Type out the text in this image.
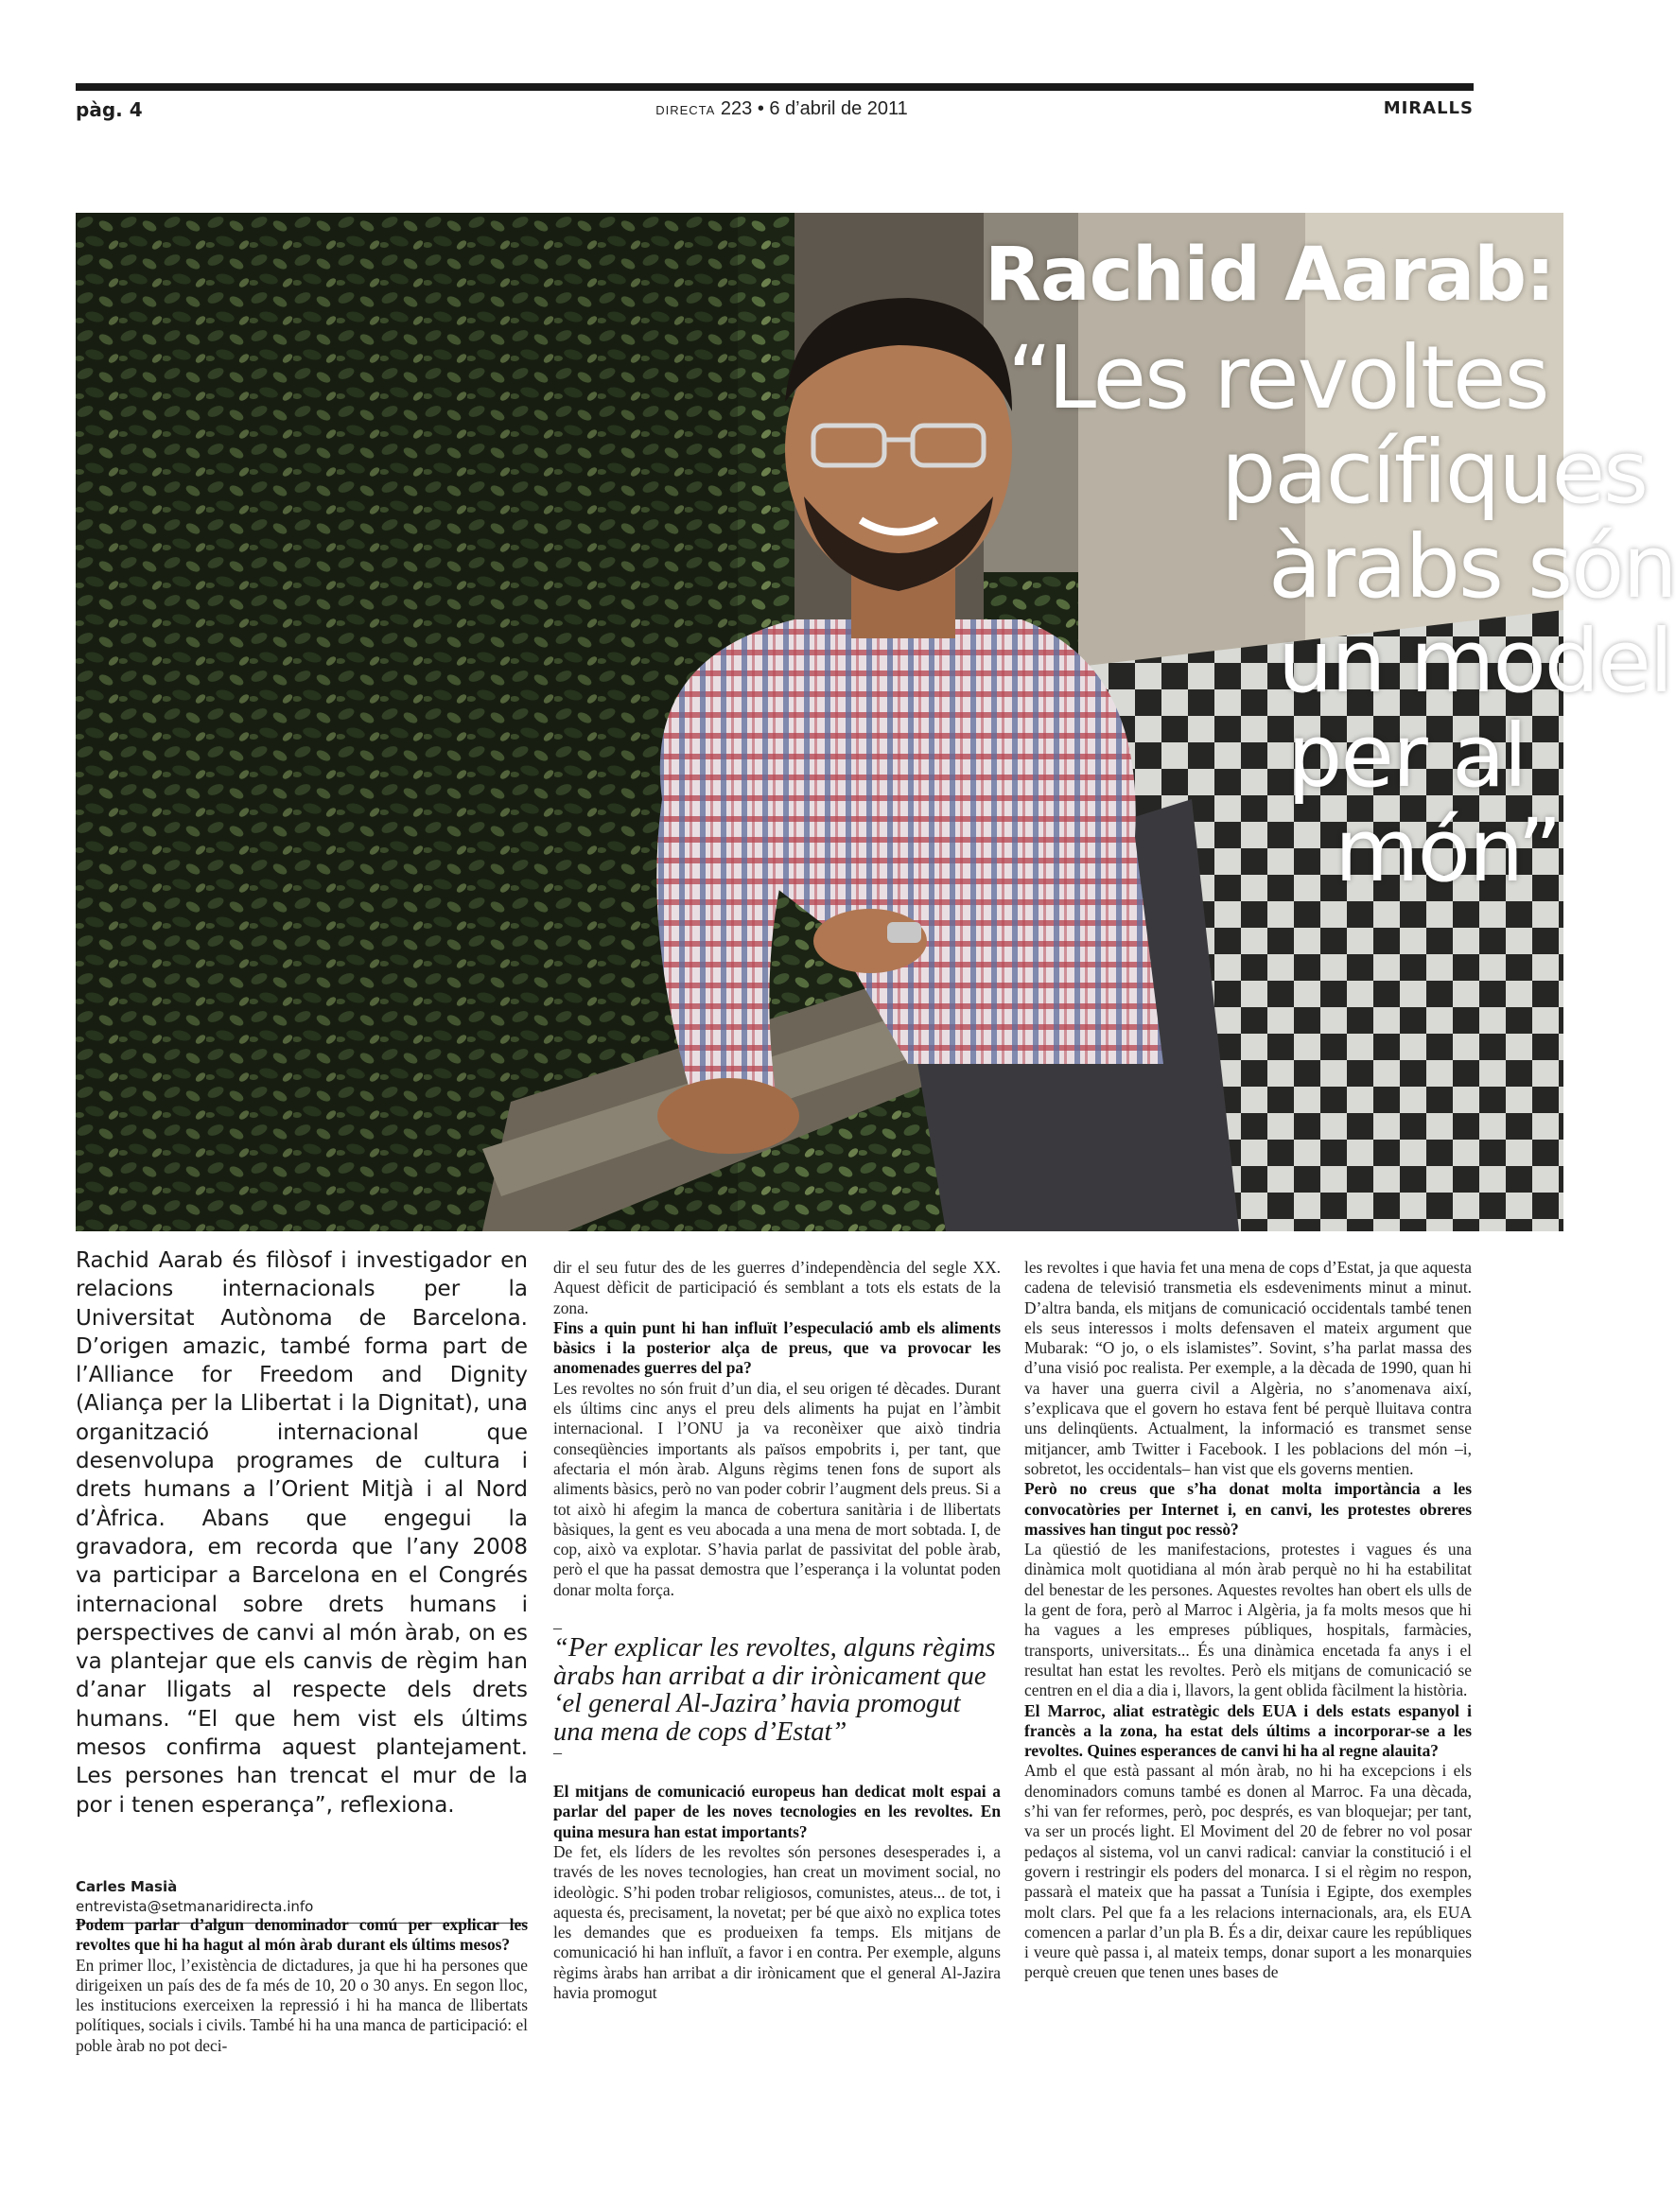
pàg. 4	DIRECTA 223 • 6 d’abril de 2011	MIRALLS
Rachid Aarab:
“Les revoltes
pacífiques
àrabs són
un model
per al
món”
Rachid Aarab és filòsof i investigador en relacions internacionals per la Universitat Autònoma de Barcelona. D’origen amazic, també forma part de l’Alliance for Freedom and Dignity (Aliança per la Llibertat i la Dignitat), una organització internacional que desenvolupa programes de cultura i drets humans a l’Orient Mitjà i al Nord d’Àfrica. Abans que engegui la gravadora, em recorda que l’any 2008 va participar a Barcelona en el Congrés internacional sobre drets humans i perspectives de canvi al món àrab, on es va plantejar que els canvis de règim han d’anar lligats al respecte dels drets humans. “El que hem vist els últims mesos confirma aquest plantejament. Les persones han trencat el mur de la por i tenen esperança”, reflexiona.
Carles Masià
entrevista@setmanaridirecta.info

Podem parlar d’algun denominador comú per explicar les revoltes que hi ha hagut al món àrab durant els últims mesos?

En primer lloc, l’existència de dictadures, ja que hi ha persones que dirigeixen un país des de fa més de 10, 20 o 30 anys. En segon lloc, les institucions exerceixen la repressió i hi ha manca de llibertats polítiques, socials i civils. També hi ha una manca de participació: el poble àrab no pot deci-

dir el seu futur des de les guerres d’independència del segle XX. Aquest dèficit de participació és semblant a tots els estats de la zona.

Fins a quin punt hi han influït l’especulació amb els aliments bàsics i la posterior alça de preus, que va provocar les anomenades guerres del pa?

Les revoltes no són fruit d’un dia, el seu origen té dècades. Durant els últims cinc anys el preu dels aliments ha pujat en l’àmbit internacional. I l’ONU ja va reconèixer que això tindria conseqüències importants als països empobrits i, per tant, que afectaria el món àrab. Alguns règims tenen fons de suport als aliments bàsics, però no van poder cobrir l’augment dels preus. Si a tot això hi afegim la manca de cobertura sanitària i de llibertats bàsiques, la gent es veu abocada a una mena de mort sobtada. I, de cop, això va explotar. S’havia parlat de passivitat del poble àrab, però el que ha passat demostra que l’esperança i la voluntat poden donar molta força.

–
“Per explicar les revoltes, alguns règims àrabs han arribat a dir irònicament que ‘el general Al-Jazira’ havia promogut una mena de cops d’Estat”
–

El mitjans de comunicació europeus han dedicat molt espai a parlar del paper de les noves tecnologies en les revoltes. En quina mesura han estat importants?

De fet, els líders de les revoltes són persones desesperades i, a través de les noves tecnologies, han creat un moviment social, no ideològic. S’hi poden trobar religiosos, comunistes, ateus... de tot, i aquesta és, precisament, la novetat; per bé que això no explica totes les demandes que es produeixen fa temps. Els mitjans de comunicació hi han influït, a favor i en contra. Per exemple, alguns règims àrabs han arribat a dir irònicament que el general Al-Jazira havia promogut

les revoltes i que havia fet una mena de cops d’Estat, ja que aquesta cadena de televisió transmetia els esdeveniments minut a minut. D’altra banda, els mitjans de comunicació occidentals també tenen els seus interessos i molts defensaven el mateix argument que Mubarak: “O jo, o els islamistes”. Sovint, s’ha parlat massa des d’una visió poc realista. Per exemple, a la dècada de 1990, quan hi va haver una guerra civil a Algèria, no s’anomenava així, s’explicava que el govern ho estava fent bé perquè lluitava contra uns delinqüents. Actualment, la informació es transmet sense mitjancer, amb Twitter i Facebook. I les poblacions del món –i, sobretot, les occidentals– han vist que els governs mentien.

Però no creus que s’ha donat molta importància a les convocatòries per Internet i, en canvi, les protestes obreres massives han tingut poc ressò?

La qüestió de les manifestacions, protestes i vagues és una dinàmica molt quotidiana al món àrab perquè no hi ha estabilitat del benestar de les persones. Aquestes revoltes han obert els ulls de la gent de fora, però al Marroc i Algèria, ja fa molts mesos que hi ha vagues a les empreses públiques, hospitals, farmàcies, transports, universitats... És una dinàmica encetada fa anys i el resultat han estat les revoltes. Però els mitjans de comunicació se centren en el dia a dia i, llavors, la gent oblida fàcilment la història.

El Marroc, aliat estratègic dels EUA i dels estats espanyol i francès a la zona, ha estat dels últims a incorporar-se a les revoltes. Quines esperances de canvi hi ha al regne alauita?

Amb el que està passant al món àrab, no hi ha excepcions i els denominadors comuns també es donen al Marroc. Fa una dècada, s’hi van fer reformes, però, poc després, es van bloquejar; per tant, va ser un procés light. El Moviment del 20 de febrer no vol posar pedaços al sistema, vol un canvi radical: canviar la constitució i el govern i restringir els poders del monarca. I si el règim no respon, passarà el mateix que ha passat a Tunísia i Egipte, dos exemples molt clars. Pel que fa a les relacions internacionals, ara, els EUA comencen a parlar d’un pla B. És a dir, deixar caure les repúbliques i veure què passa i, al mateix temps, donar suport a les monarquies perquè creuen que tenen unes bases de
